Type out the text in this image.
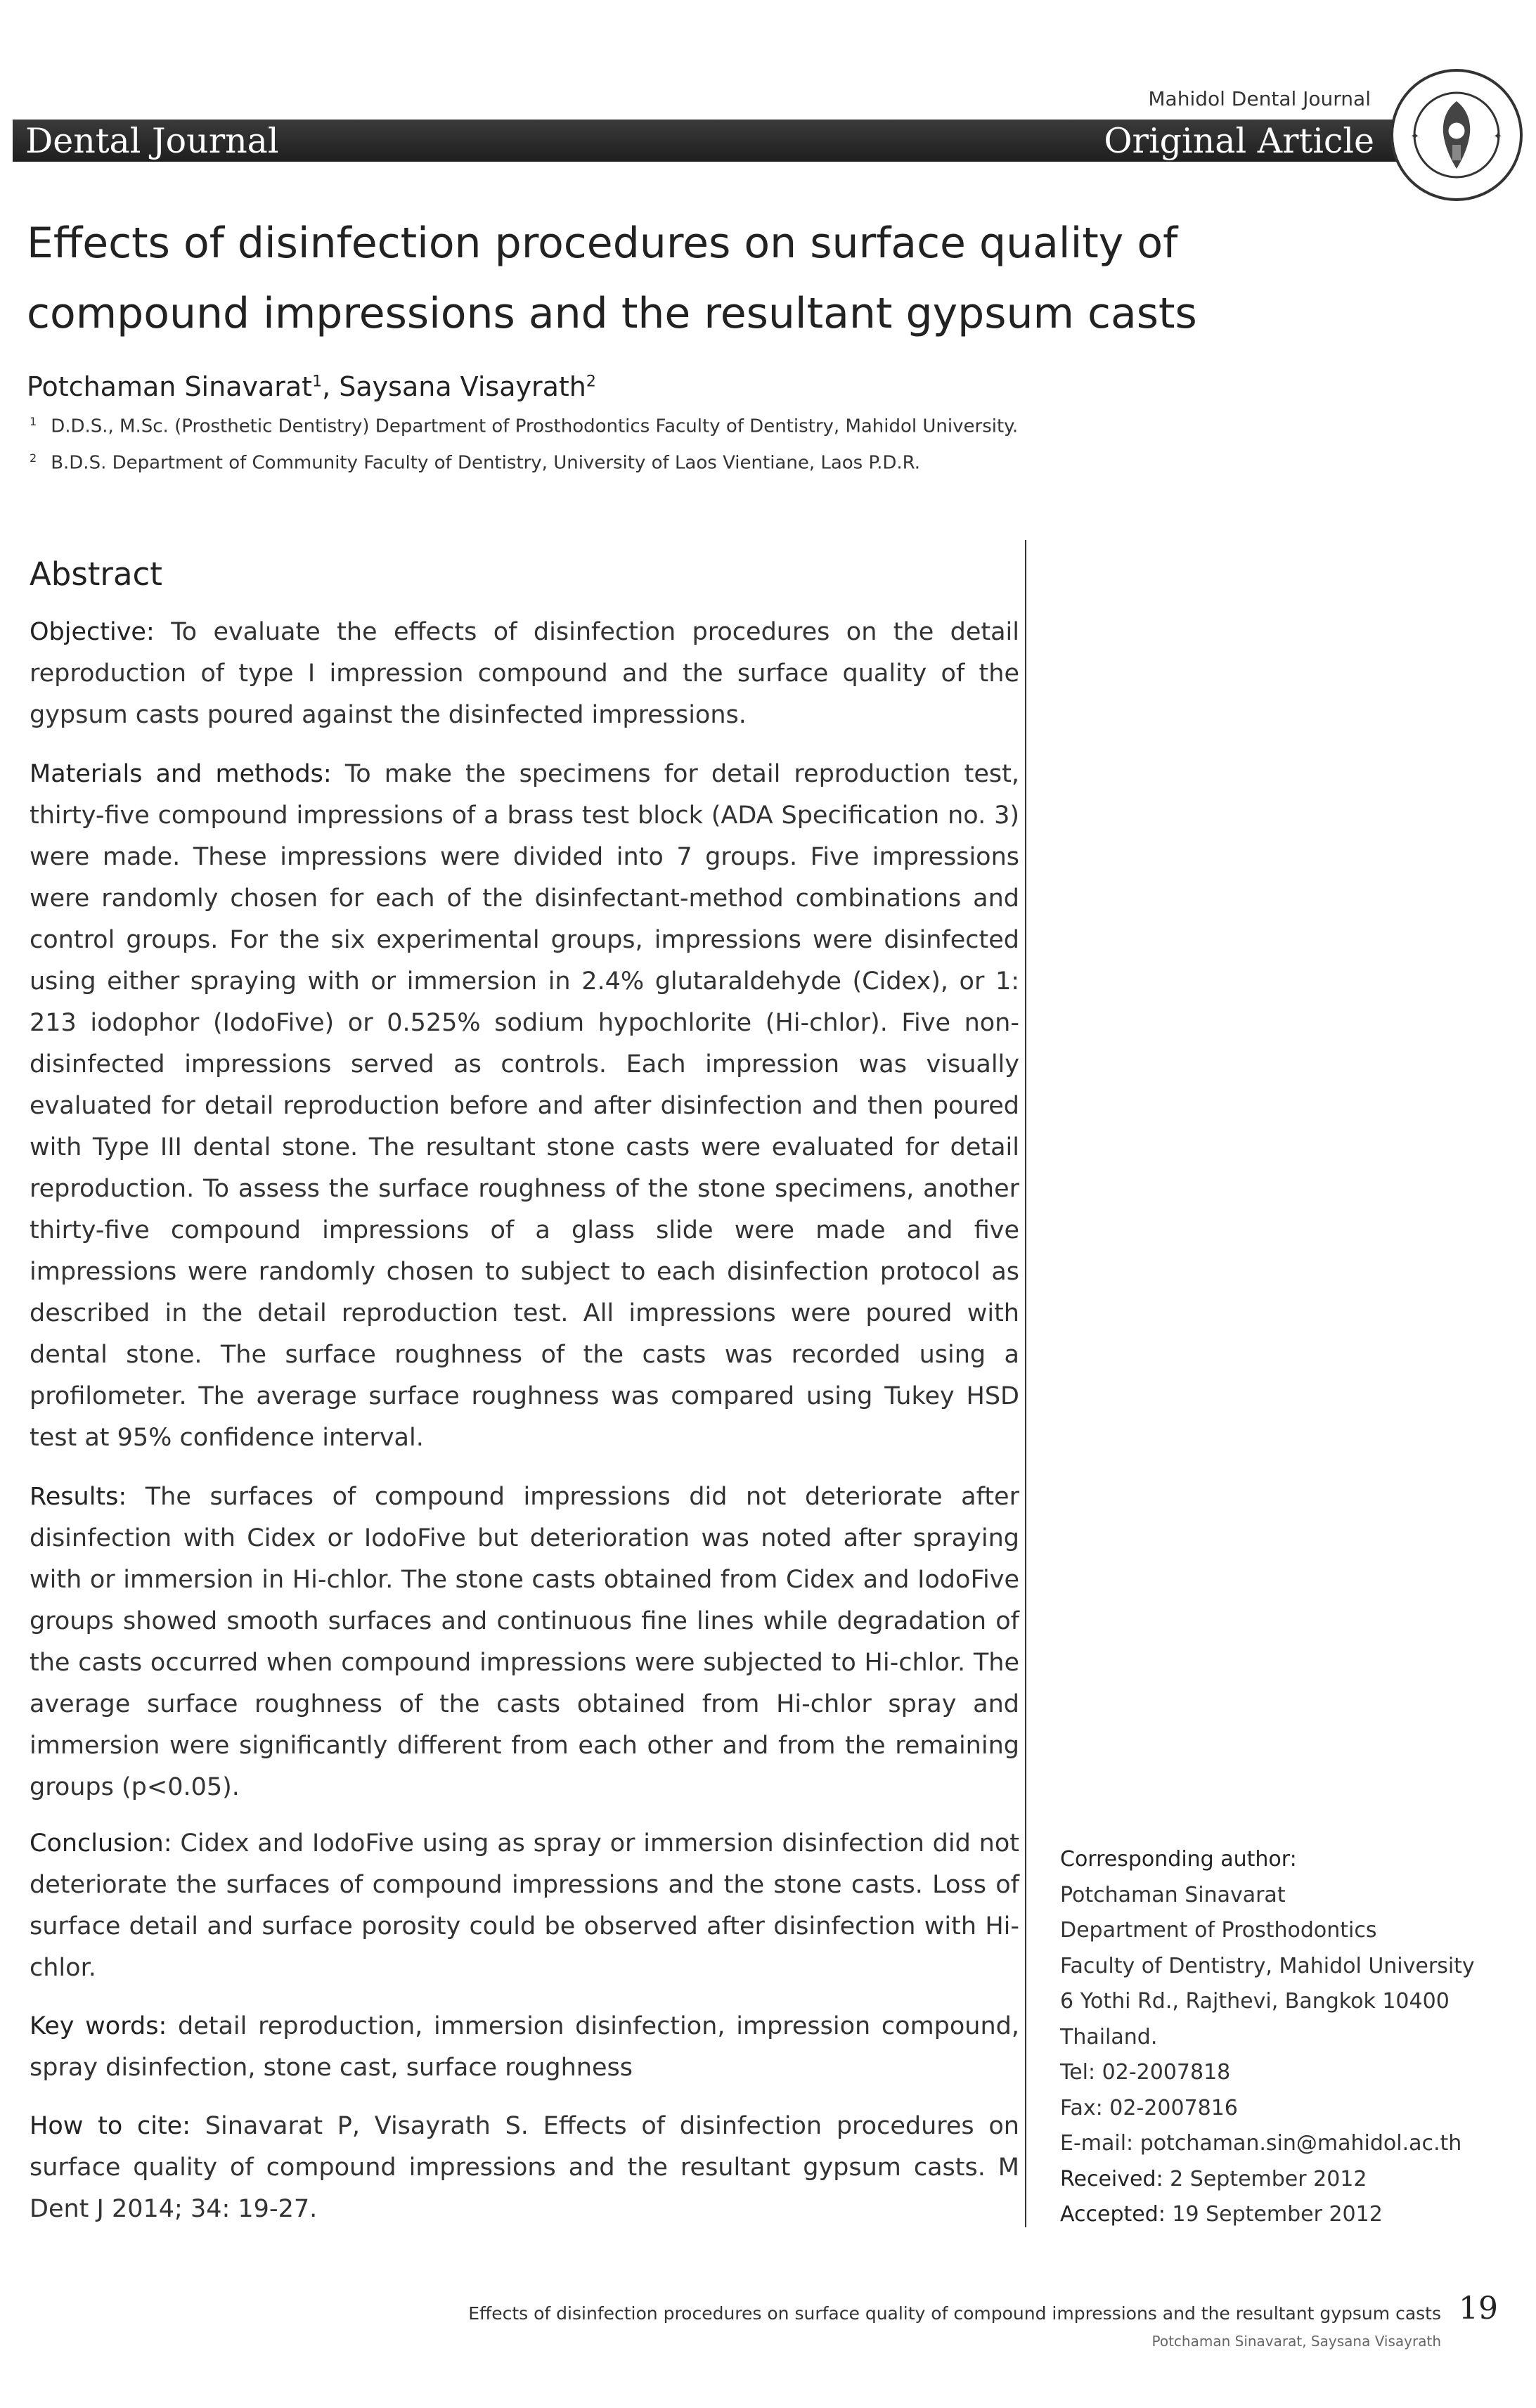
Mahidol Dental Journal
Dental Journal	Original Article	✦	✦
Effects of disinfection procedures on surface quality of
compound impressions and the resultant gypsum casts
Potchaman Sinavarat$^1$, Saysana Visayrath$^2$
$^1$ D.D.S., M.Sc. (Prosthetic Dentistry) Department of Prosthodontics Faculty of Dentistry, Mahidol University.
$^2$ B.D.S. Department of Community Faculty of Dentistry, University of Laos Vientiane, Laos P.D.R.
Abstract
Objective: To evaluate the effects of disinfection procedures on the detail reproduction of type I impression compound and the surface quality of the gypsum casts poured against the disinfected impressions.
Materials and methods: To make the specimens for detail reproduction test, thirty-five compound impressions of a brass test block (ADA Specification no. 3) were made. These impressions were divided into 7 groups. Five impressions were randomly chosen for each of the disinfectant-method combinations and control groups. For the six experimental groups, impressions were disinfected using either spraying with or immersion in 2.4% glutaraldehyde (Cidex), or 1: 213 iodophor (IodoFive) or 0.525% sodium hypochlorite (Hi-chlor). Five non-disinfected impressions served as controls. Each impression was visually evaluated for detail reproduction before and after disinfection and then poured with Type III dental stone. The resultant stone casts were evaluated for detail reproduction. To assess the surface roughness of the stone specimens, another thirty-five compound impressions of a glass slide were made and five impressions were randomly chosen to subject to each disinfection protocol as described in the detail reproduction test. All impressions were poured with dental stone. The surface roughness of the casts was recorded using a profilometer. The average surface roughness was compared using Tukey HSD test at 95% confidence interval.
Results: The surfaces of compound impressions did not deteriorate after disinfection with Cidex or IodoFive but deterioration was noted after spraying with or immersion in Hi-chlor. The stone casts obtained from Cidex and IodoFive groups showed smooth surfaces and continuous fine lines while degradation of the casts occurred when compound impressions were subjected to Hi-chlor. The average surface roughness of the casts obtained from Hi-chlor spray and immersion were significantly different from each other and from the remaining groups (p<0.05).
Conclusion: Cidex and IodoFive using as spray or immersion disinfection did not deteriorate the surfaces of compound impressions and the stone casts. Loss of surface detail and surface porosity could be observed after disinfection with Hi-chlor.
Key words: detail reproduction, immersion disinfection, impression compound, spray disinfection, stone cast, surface roughness
How to cite: Sinavarat P, Visayrath S. Effects of disinfection procedures on surface quality of compound impressions and the resultant gypsum casts. M Dent J 2014; 34: 19-27.
Corresponding author:
Potchaman Sinavarat
Department of Prosthodontics
Faculty of Dentistry, Mahidol University
6 Yothi Rd., Rajthevi, Bangkok 10400
Thailand.
Tel: 02-2007818
Fax: 02-2007816
E-mail: potchaman.sin@mahidol.ac.th
Received: 2 September 2012
Accepted: 19 September 2012
Effects of disinfection procedures on surface quality of compound impressions and the resultant gypsum casts 19
Potchaman Sinavarat, Saysana Visayrath
